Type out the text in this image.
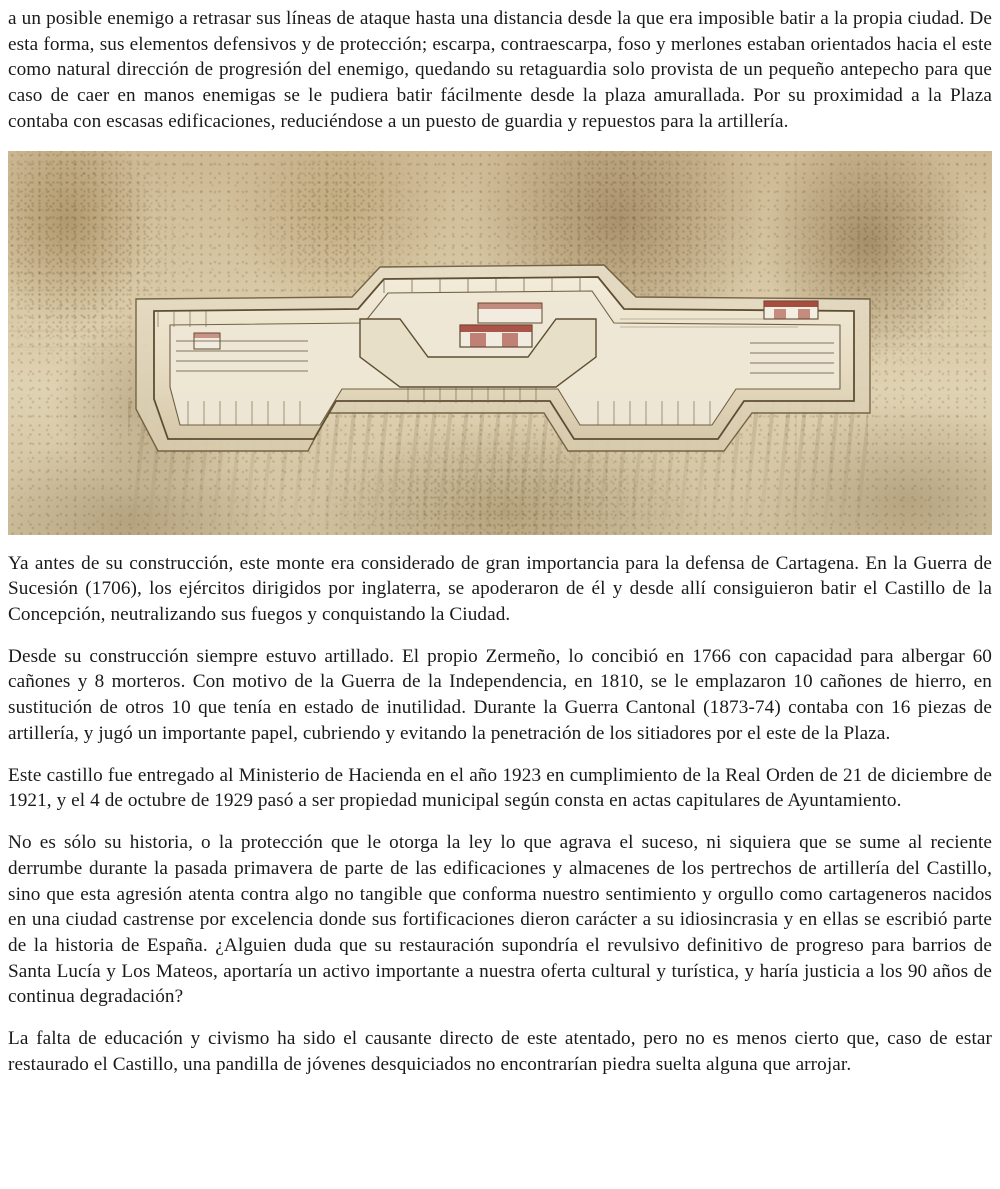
a un posible enemigo a retrasar sus líneas de ataque hasta una distancia desde la que era imposible batir a la propia ciudad. De esta forma, sus elementos defensivos y de protección; escarpa, contraescarpa, foso y merlones estaban orientados hacia el este como natural dirección de progresión del enemigo, quedando su retaguardia solo provista de un pequeño antepecho para que caso de caer en manos enemigas se le pudiera batir fácilmente desde la plaza amurallada. Por su proximidad a la Plaza contaba con escasas edificaciones, reduciéndose a un puesto de guardia y repuestos para la artillería.

Ya antes de su construcción, este monte era considerado de gran importancia para la defensa de Cartagena. En la Guerra de Sucesión (1706), los ejércitos dirigidos por inglaterra, se apoderaron de él y desde allí consiguieron batir el Castillo de la Concepción, neutralizando sus fuegos y conquistando la Ciudad.

Desde su construcción siempre estuvo artillado. El propio Zermeño, lo concibió en 1766 con capacidad para albergar 60 cañones y 8 morteros. Con motivo de la Guerra de la Independencia, en 1810, se le emplazaron 10 cañones de hierro, en sustitución de otros 10 que tenía en estado de inutilidad. Durante la Guerra Cantonal (1873-74) contaba con 16 piezas de artillería, y jugó un importante papel, cubriendo y evitando la penetración de los sitiadores por el este de la Plaza.

Este castillo fue entregado al Ministerio de Hacienda en el año 1923 en cumplimiento de la Real Orden de 21 de diciembre de 1921, y el 4 de octubre de 1929 pasó a ser propiedad municipal según consta en actas capitulares de Ayuntamiento.

No es sólo su historia, o la protección que le otorga la ley lo que agrava el suceso, ni siquiera que se sume al reciente derrumbe durante la pasada primavera de parte de las edificaciones y almacenes de los pertrechos de artillería del Castillo, sino que esta agresión atenta contra algo no tangible que conforma nuestro sentimiento y orgullo como cartageneros nacidos en una ciudad castrense por excelencia donde sus fortificaciones dieron carácter a su idiosincrasia y en ellas se escribió parte de la historia de España. ¿Alguien duda que su restauración supondría el revulsivo definitivo de progreso para barrios de Santa Lucía y Los Mateos, aportaría un activo importante a nuestra oferta cultural y turística, y haría justicia a los 90 años de continua degradación?

La falta de educación y civismo ha sido el causante directo de este atentado, pero no es menos cierto que, caso de estar restaurado el Castillo, una pandilla de jóvenes desquiciados no encontrarían piedra suelta alguna que arrojar.
